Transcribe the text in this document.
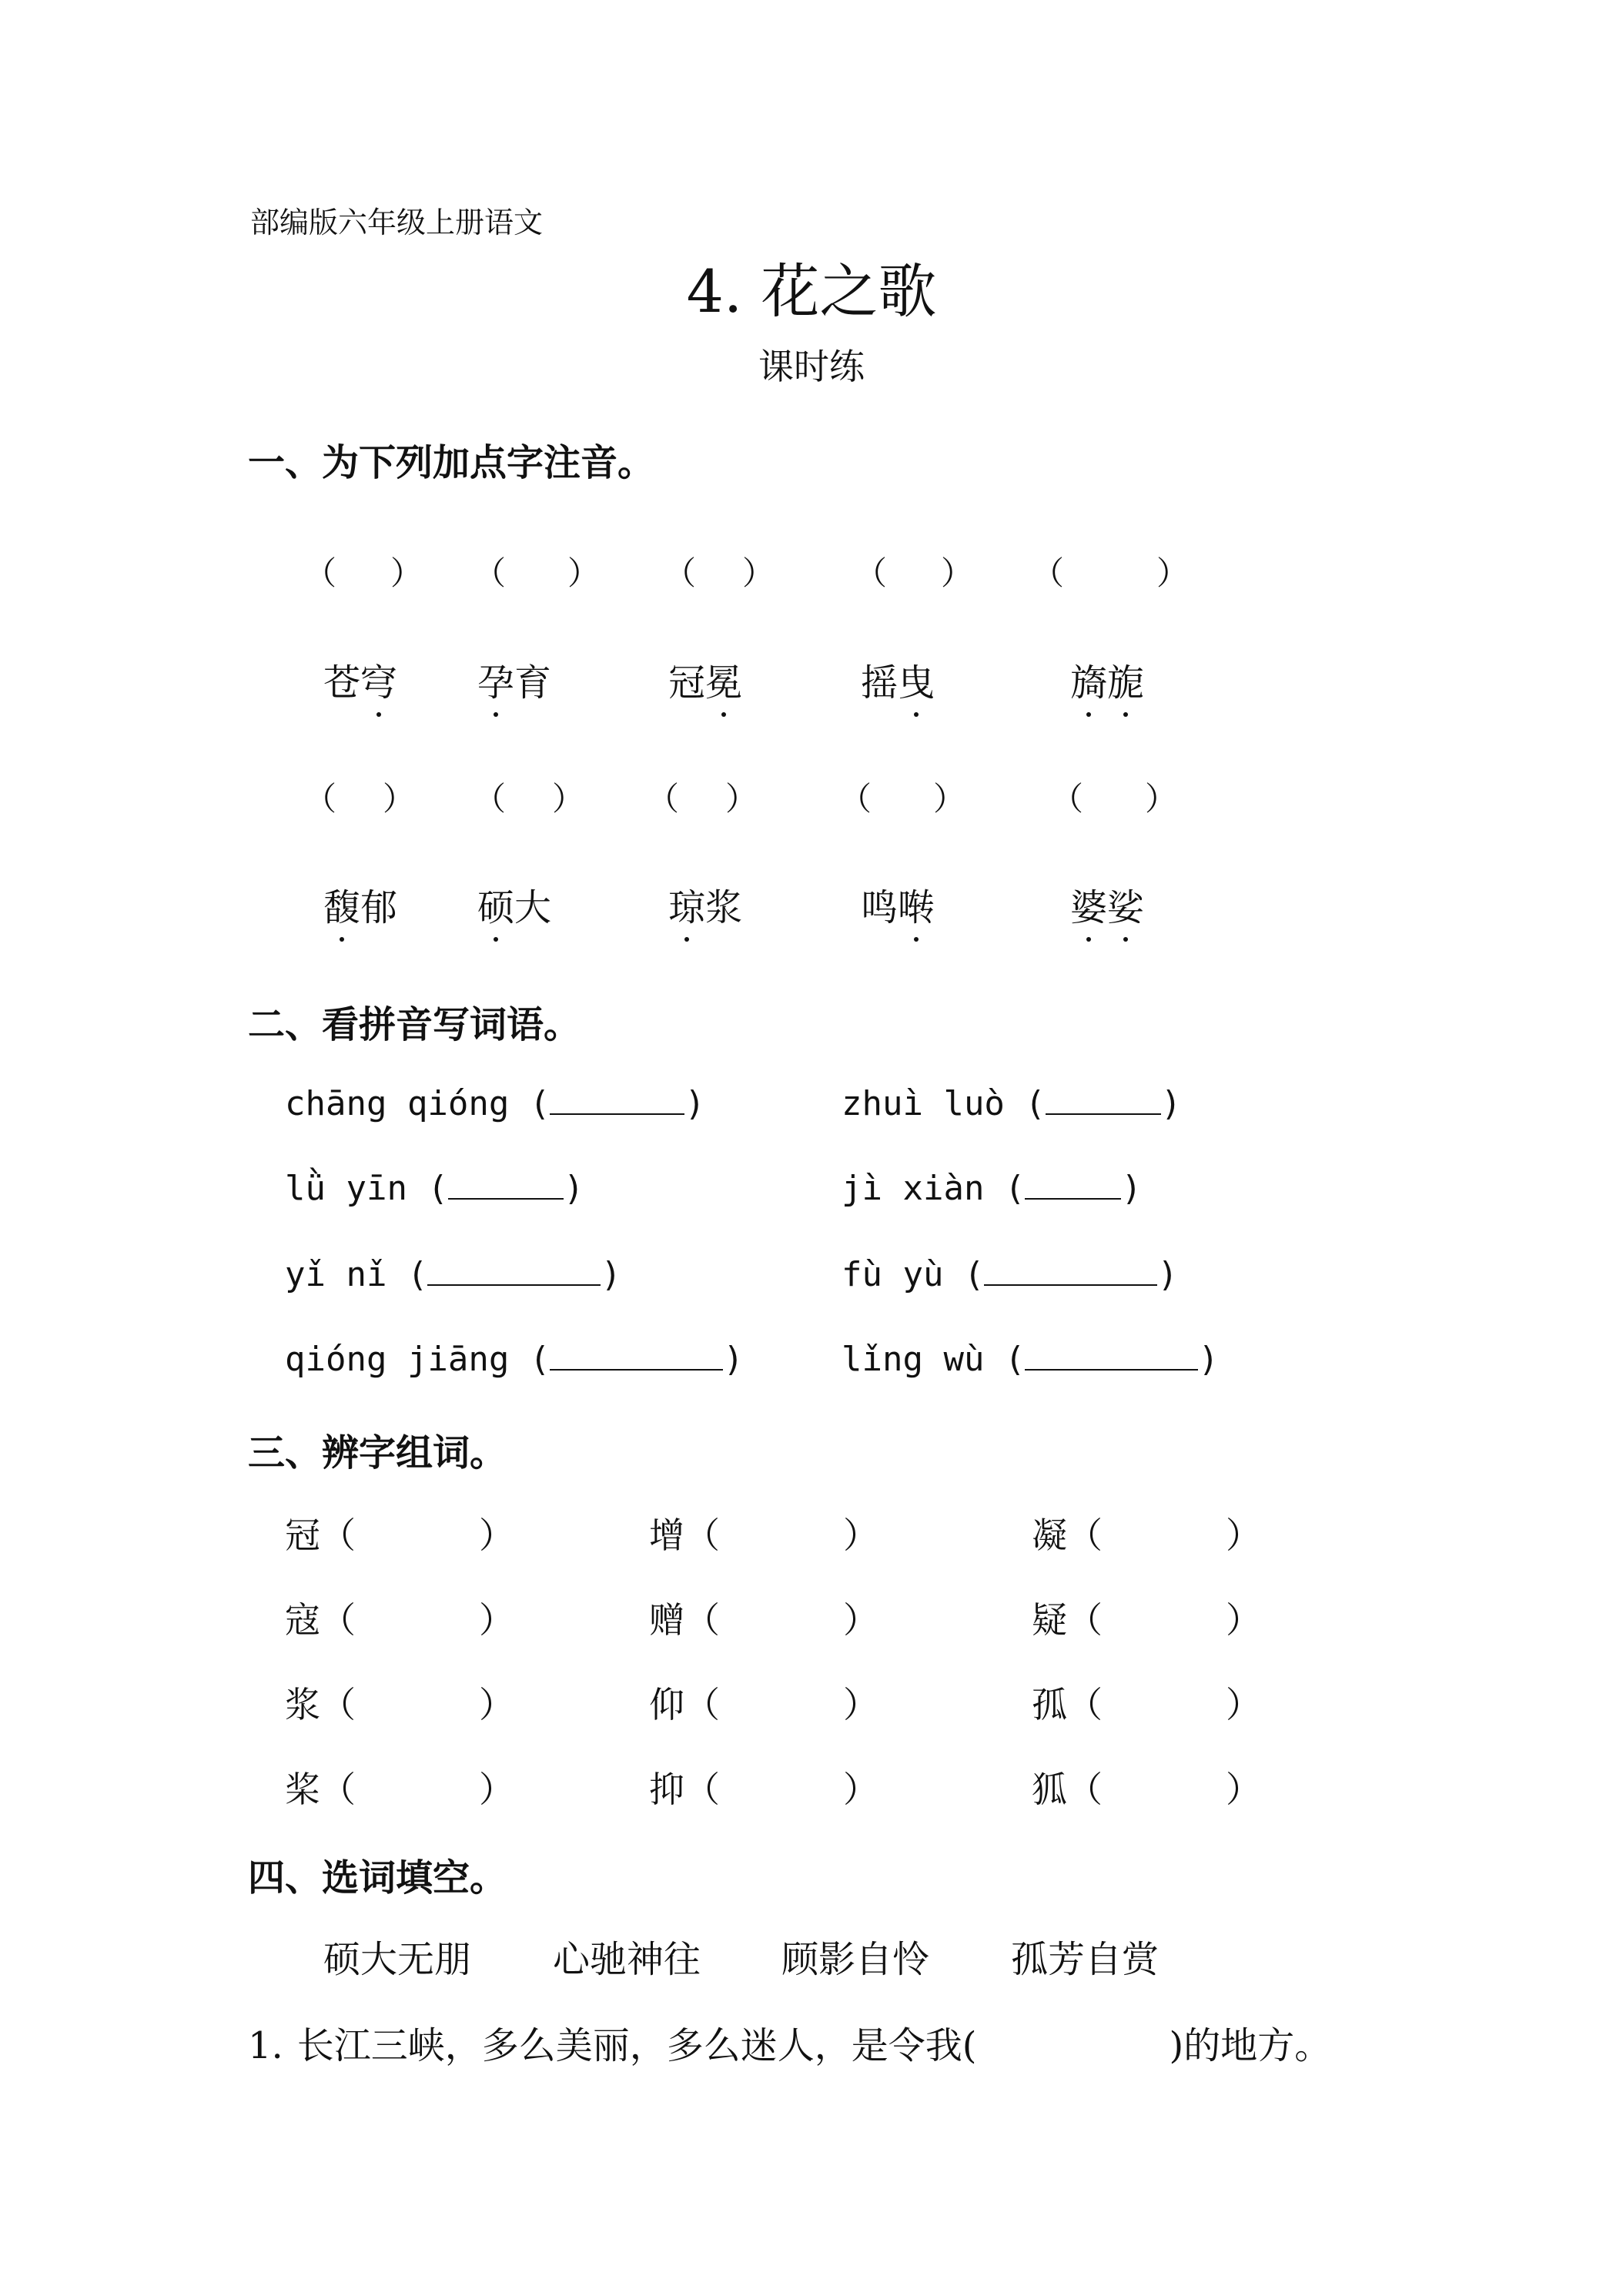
部编版六年级上册语文
4. 花之歌
课时练
一、为下列加点字注音。
（ ） （ ） （ ） （ ） （	）
苍穹 孕育	冠冕	摇曳	旖旎
（ ） （ ） （ ）	（ ）	（ ）
馥郁 硕大	琼浆	鸣啭	婆娑
二、看拼音写词语。
chāng qióng (	)	zhuì luò (	)
lǜ yīn (	)	jì xiàn (	)
yǐ nǐ (	)	fù yù (	)
qióng jiāng (	)	lǐng wù (	)
三、辨字组词。
冠（	）	增（	）	凝（	）
寇（	）	赠（	）	疑（	）
浆（	）	仰（	）	孤（	）
桨（	）	抑（	）	狐（	）
四、选词填空。
硕大无朋 心驰神往 顾影自怜 孤芳自赏
1. 长江三峡，多么美丽，多么迷人，是令我(	)的地方。
